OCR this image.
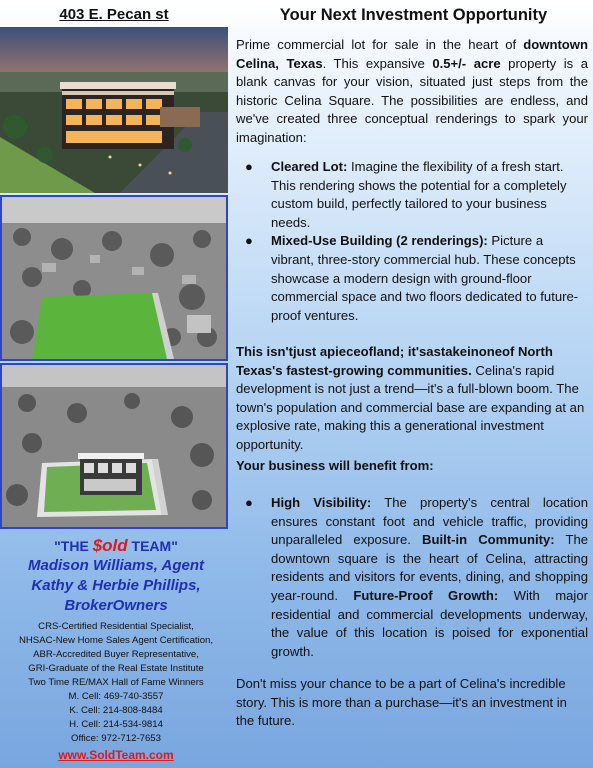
403 E. Pecan st	Your Next Investment Opportunity
"THE $old TEAM"
Madison Williams, Agent
Kathy & Herbie Phillips,
BrokerOwners
CRS-Certified Residential Specialist,
NHSAC-New Home Sales Agent Certification,
ABR-Accredited Buyer Representative,
GRI-Graduate of the Real Estate Institute
Two Time RE/MAX Hall of Fame Winners
M. Cell: 469-740-3557
K. Cell: 214-808-8484
H. Cell: 214-534-9814
Office: 972-712-7653
www.SoldTeam.com
Prime commercial lot for sale in the heart of downtown Celina, Texas. This expansive 0.5+/- acre property is a blank canvas for your vision, situated just steps from the historic Celina Square. The possibilities are endless, and we've created three conceptual renderings to spark your imagination:
● Cleared Lot: Imagine the flexibility of a fresh start. This rendering shows the potential for a completely custom build, perfectly tailored to your business needs.
● Mixed-Use Building (2 renderings): Picture a vibrant, three-story commercial hub. These concepts showcase a modern design with ground-floor commercial space and two floors dedicated to future-proof ventures.
This isn'tjust apieceofland; it'sastakeinoneof North Texas's fastest-growing communities. Celina's rapid development is not just a trend—it's a full-blown boom. The town's population and commercial base are expanding at an explosive rate, making this a generational investment opportunity.
Your business will benefit from:
● High Visibility: The property's central location ensures constant foot and vehicle traffic, providing unparalleled exposure. Built-in Community: The downtown square is the heart of Celina, attracting residents and visitors for events, dining, and shopping year-round. Future-Proof Growth: With major residential and commercial developments underway, the value of this location is poised for exponential growth.
Don't miss your chance to be a part of Celina's incredible story. This is more than a purchase—it's an investment in the future.
